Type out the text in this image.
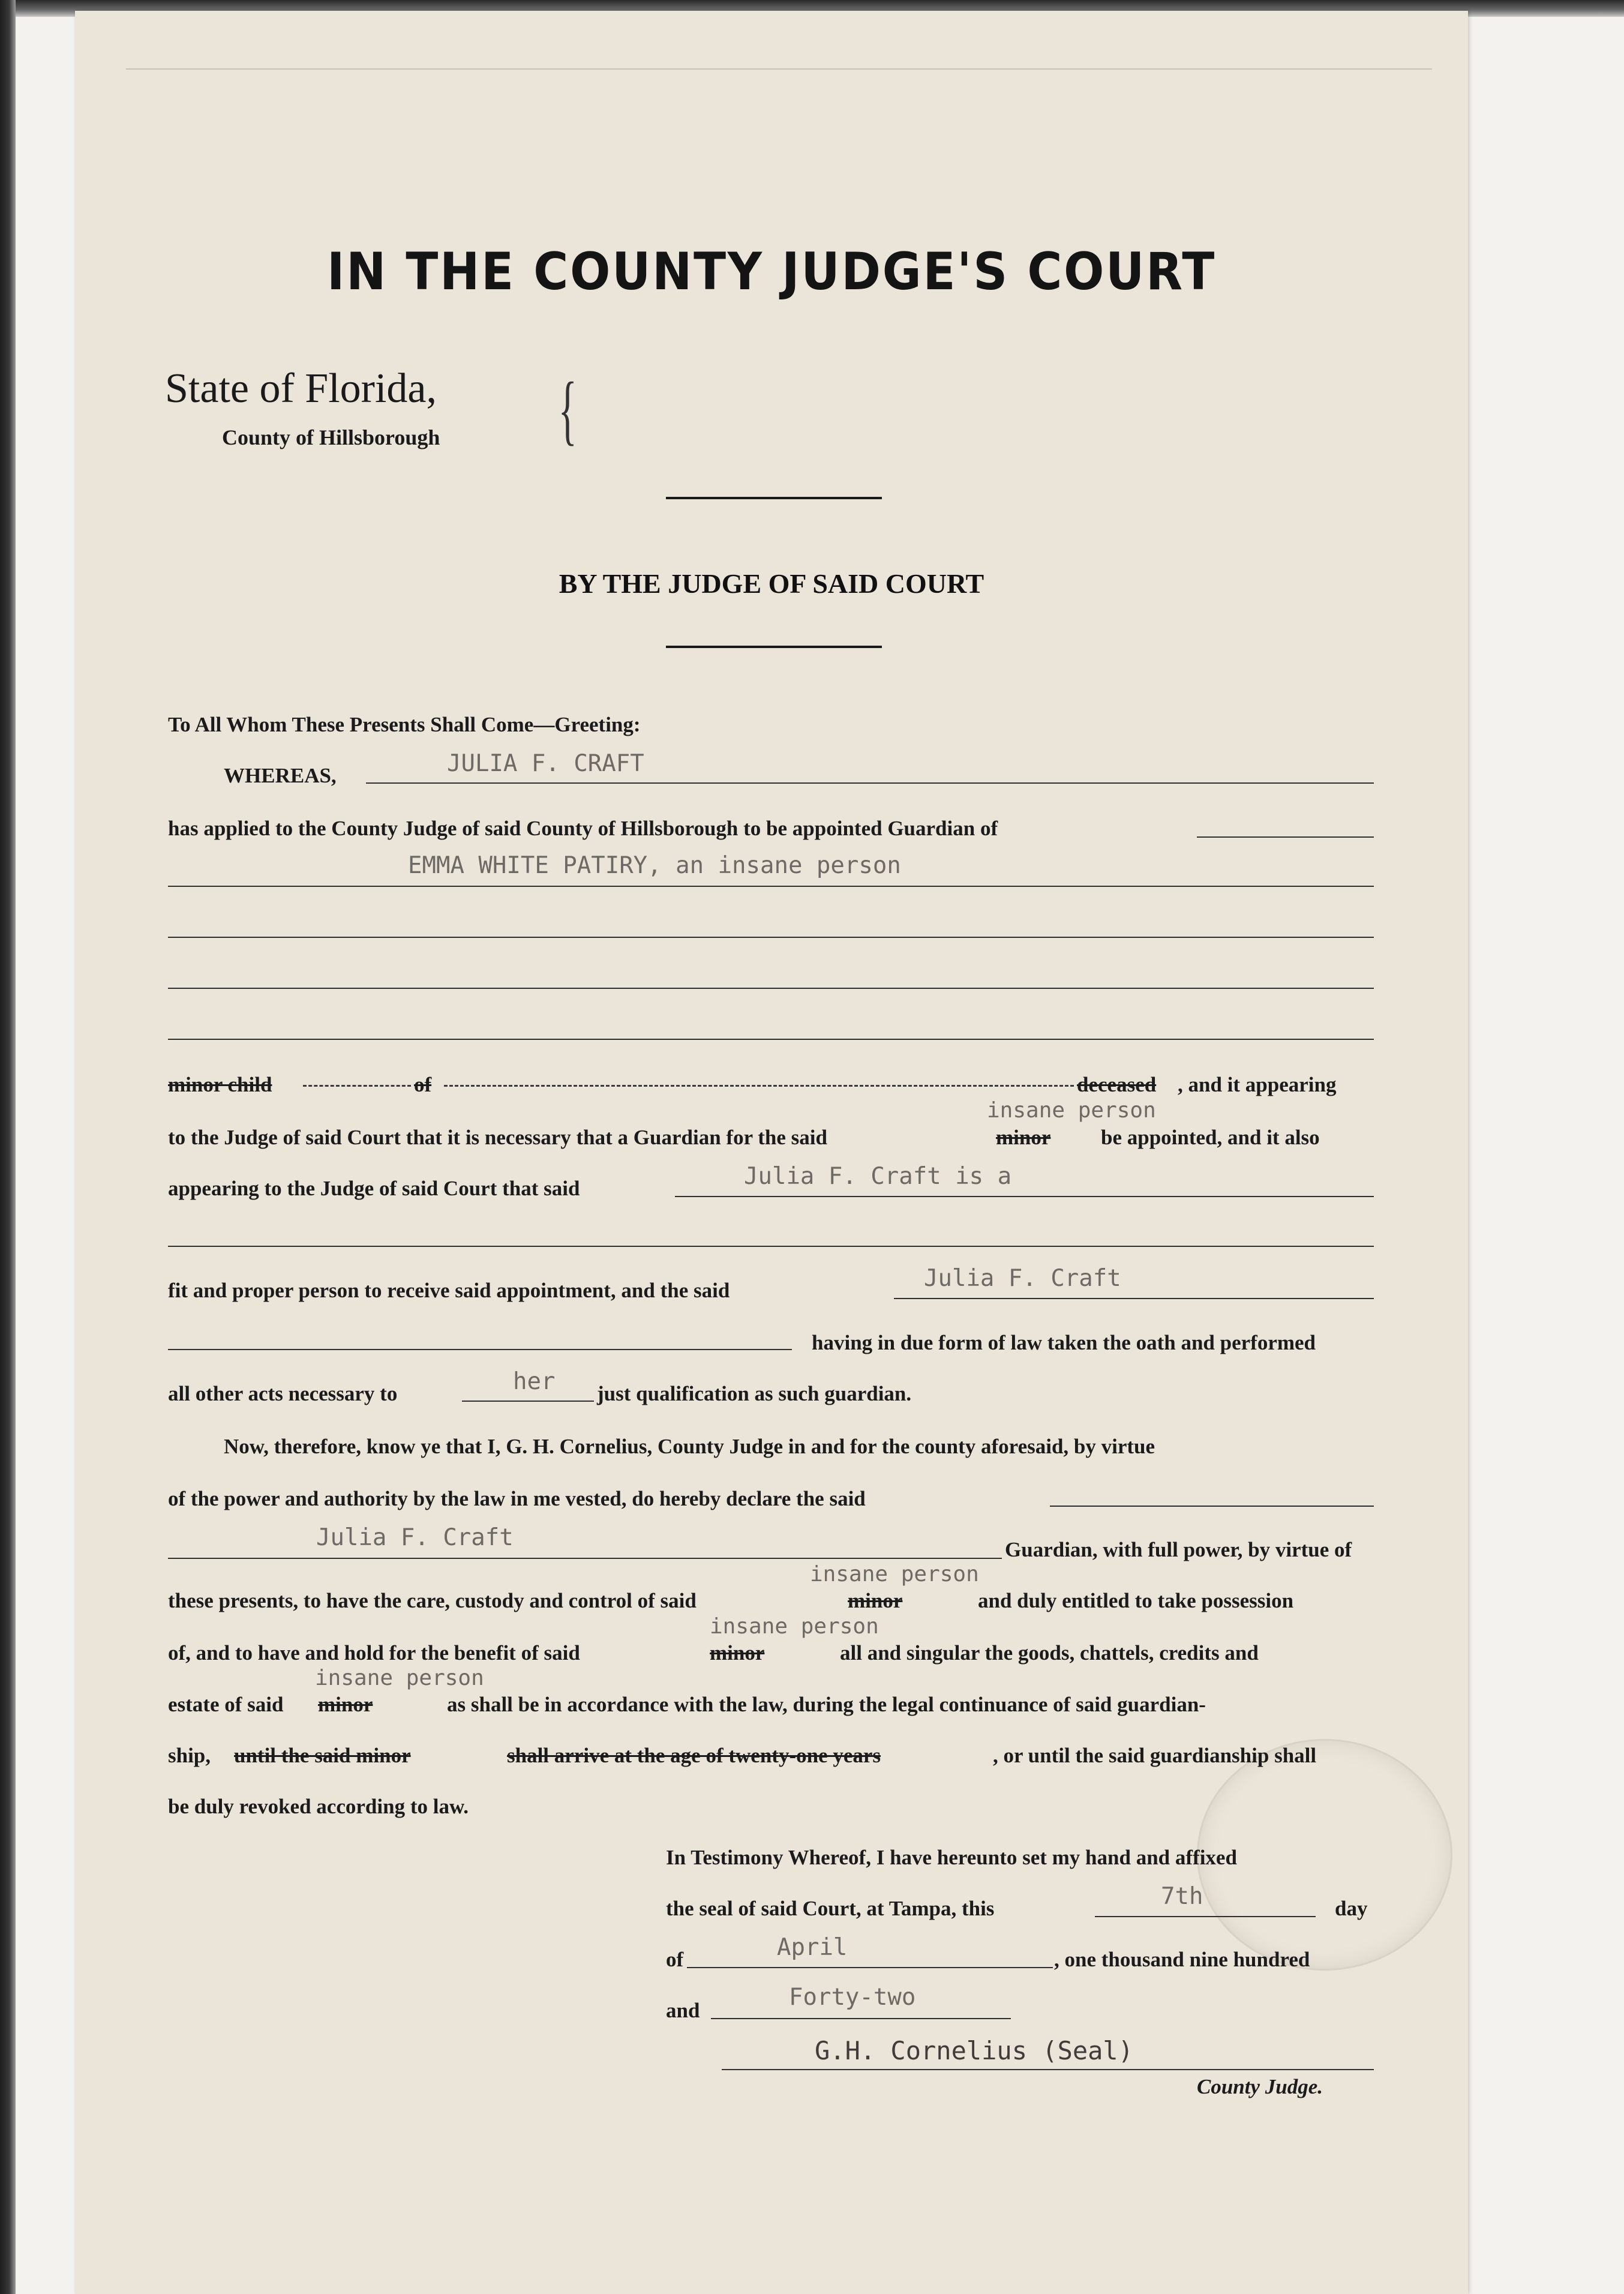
IN THE COUNTY JUDGE'S COURT
State of Florida,
County of Hillsborough {
BY THE JUDGE OF SAID COURT
To All Whom These Presents Shall Come—Greeting:
WHEREAS,	JULIA F. CRAFT
has applied to the County Judge of said County of Hillsborough to be appointed Guardian of
EMMA WHITE PATIRY, an insane person
minor child	of	deceased , and it appearing
insane person
to the Judge of said Court that it is necessary that a Guardian for the said	minor be appointed, and it also
appearing to the Judge of said Court that said	Julia F. Craft is a
fit and proper person to receive said appointment, and the said	Julia F. Craft
having in due form of law taken the oath and performed
all other acts necessary to	her just qualification as such guardian.
Now, therefore, know ye that I, G. H. Cornelius, County Judge in and for the county aforesaid, by virtue
of the power and authority by the law in me vested, do hereby declare the said
Julia F. Craft	Guardian, with full power, by virtue of
insane person
these presents, to have the care, custody and control of said	minor	and duly entitled to take possession
insane person
of, and to have and hold for the benefit of said	minor	all and singular the goods, chattels, credits and
insane person
estate of said minor	as shall be in accordance with the law, during the legal continuance of said guardian-
ship, until the said minor	shall arrive at the age of twenty-one years	, or until the said guardianship shall
be duly revoked according to law.
In Testimony Whereof, I have hereunto set my hand and affixed
the seal of said Court, at Tampa, this	7th	day
of	April	, one thousand nine hundred
and	Forty-two
G.H. Cornelius (Seal)
County Judge.
